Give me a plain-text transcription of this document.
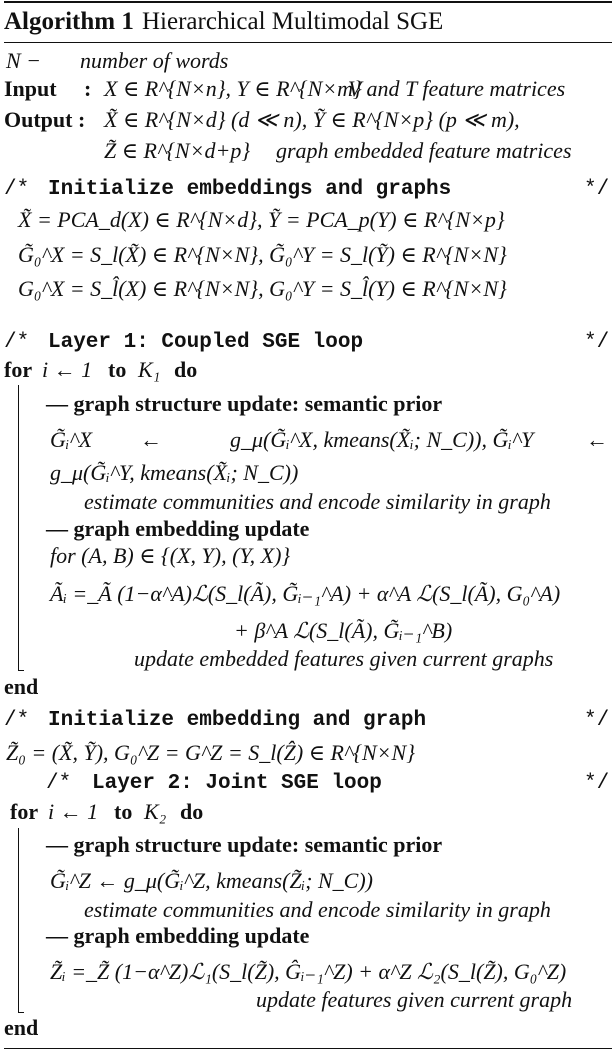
Algorithm 1 Hierarchical Multimodal SGE
N − number of words
Input : X ∈ R^{N×n}, Y ∈ R^{N×m}
V and T feature matrices
Output : X̃ ∈ R^{N×d} (d ≪ n), Ỹ ∈ R^{N×p} (p ≪ m),
Z̃ ∈ R^{N×d+p} graph embedded feature matrices
/* Initialize embeddings and graphs	*/
X̃ = PCA_d(X) ∈ R^{N×d}, Ỹ = PCA_p(Y) ∈ R^{N×p}
G̃₀^X = S_l(X̃) ∈ R^{N×N}, G̃₀^Y = S_l(Ỹ) ∈ R^{N×N}
G₀^X = S_l̂(X) ∈ R^{N×N}, G₀^Y = S_l̂(Y) ∈ R^{N×N}
/* Layer 1: Coupled SGE loop	*/
for i ← 1 to K₁ do
— graph structure update: semantic prior
G̃ᵢ^X ←	g_μ(G̃ᵢ^X, kmeans(X̃ᵢ; N_C)), G̃ᵢ^Y ←
g_μ(G̃ᵢ^Y, kmeans(X̃ᵢ; N_C))
estimate communities and encode similarity in graph
— graph embedding update
for (A, B) ∈ {(X, Y), (Y, X)}
Ãᵢ =_Ã (1−α^A)ℒ(S_l(Ã), G̃ᵢ₋₁^A) + α^A ℒ(S_l(Ã), G₀^A)
+ β^A ℒ(S_l(Ã), G̃ᵢ₋₁^B)
update embedded features given current graphs
end
/* Initialize embedding and graph	*/
Z̃₀ = (X̃, Ỹ), G₀^Z = G^Z = S_l(Ẑ) ∈ R^{N×N}
/* Layer 2: Joint SGE loop	*/
for i ← 1 to K₂ do
— graph structure update: semantic prior
G̃ᵢ^Z ← g_μ(G̃ᵢ^Z, kmeans(Z̃ᵢ; N_C))
estimate communities and encode similarity in graph
— graph embedding update
Z̃ᵢ =_Z̃ (1−α^Z)ℒ₁(S_l(Z̃), Ĝᵢ₋₁^Z) + α^Z ℒ₂(S_l(Z̃), G₀^Z)
update features given current graph
end
